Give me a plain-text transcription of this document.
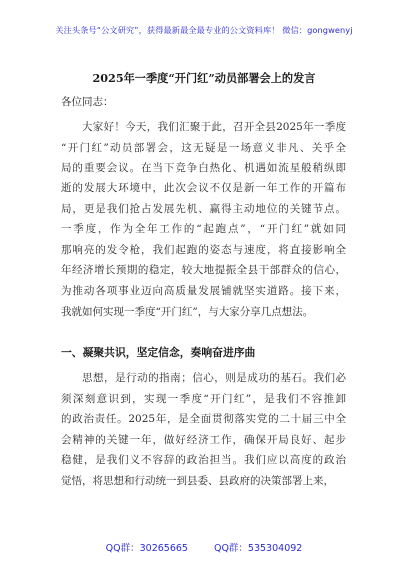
关注头条号“公文研究”，获得最新最全最专业的公文资料库！ 微信：gongwenyj
2025年一季度“开门红”动员部署会上的发言
各位同志：
大家好！今天，我们汇聚于此，召开全县2025年一季度
“开门红”动员部署会，这无疑是一场意义非凡、关乎全
局的重要会议。在当下竞争白热化、机遇如流星般稍纵即
逝的发展大环境中，此次会议不仅是新一年工作的开篇布
局，更是我们抢占发展先机、赢得主动地位的关键节点。
一季度，作为全年工作的“起跑点”，“开门红”就如同
那响亮的发令枪，我们起跑的姿态与速度，将直接影响全
年经济增长预期的稳定，较大地提振全县干部群众的信心，
为推动各项事业迈向高质量发展铺就坚实道路。接下来，
我就如何实现一季度“开门红”，与大家分享几点想法。
一、凝聚共识，坚定信念，奏响奋进序曲
思想，是行动的指南；信心，则是成功的基石。我们必
须深刻意识到，实现一季度“开门红”，是我们不容推卸
的政治责任。2025年，是全面贯彻落实党的二十届三中全
会精神的关键一年，做好经济工作，确保开局良好、起步
稳健，是我们义不容辞的政治担当。我们应以高度的政治
觉悟，将思想和行动统一到县委、县政府的决策部署上来，
QQ群：30265665	QQ群：535304092
